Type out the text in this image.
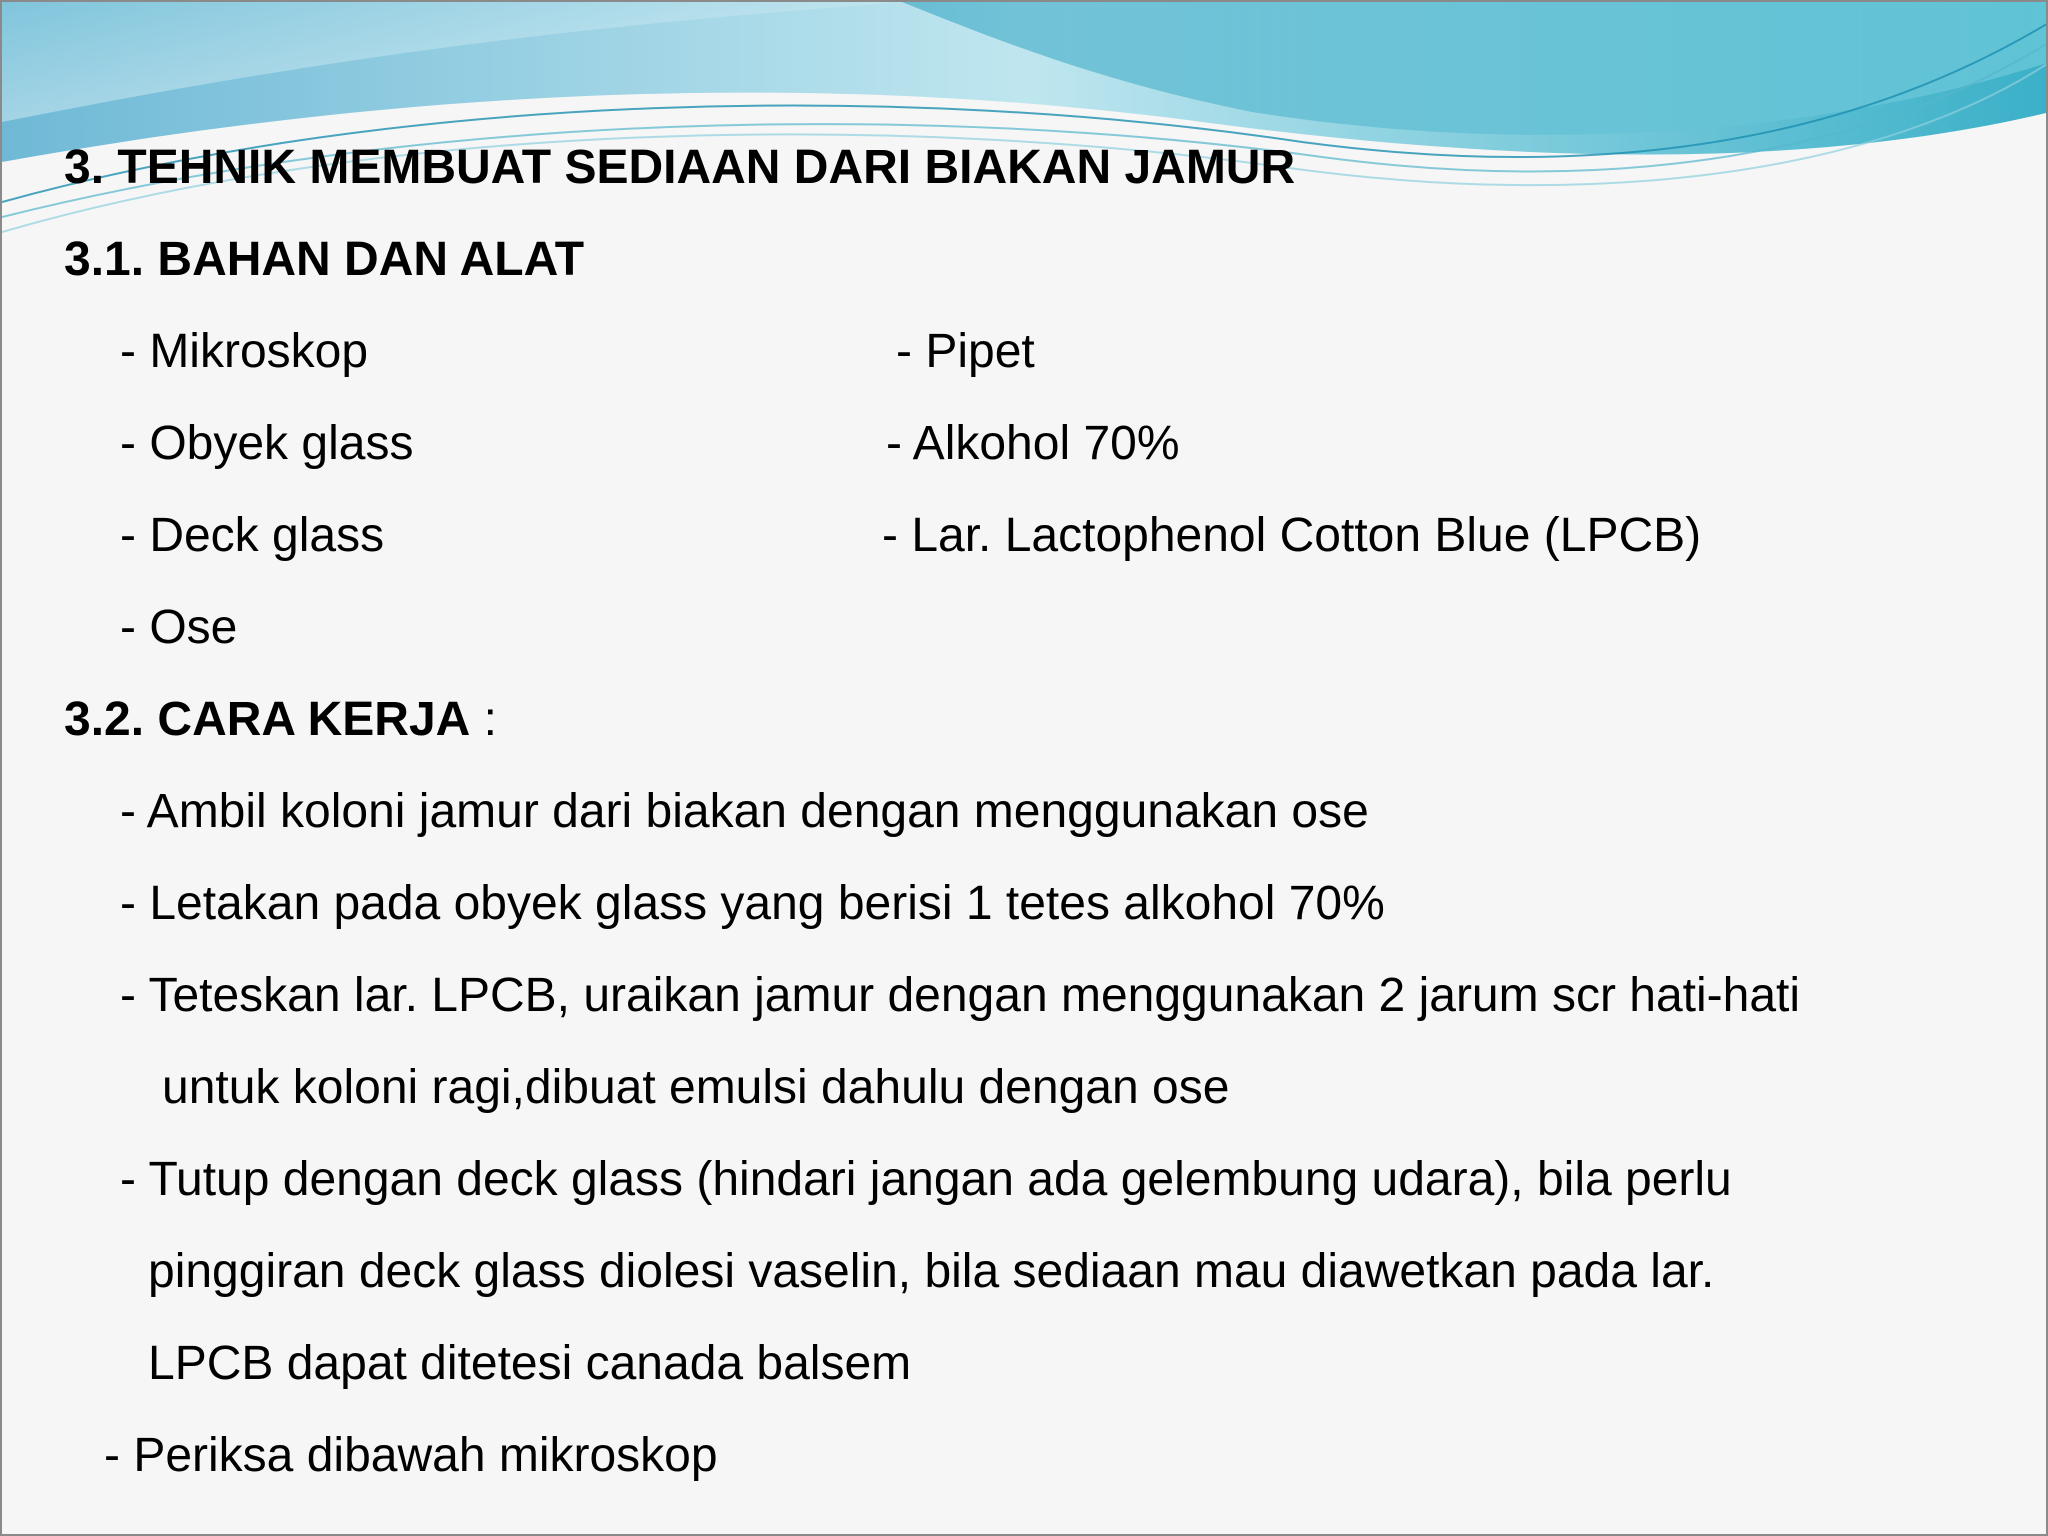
3. TEHNIK MEMBUAT SEDIAAN DARI BIAKAN JAMUR
3.1. BAHAN DAN ALAT
- Mikroskop
- Obyek glass
- Deck glass
- Ose
- Pipet
- Alkohol 70%
- Lar. Lactophenol Cotton Blue (LPCB)
3.2. CARA KERJA :
- Ambil koloni jamur dari biakan dengan menggunakan ose
- Letakan pada obyek glass yang berisi 1 tetes alkohol 70%
- Teteskan lar. LPCB, uraikan jamur dengan menggunakan 2 jarum scr hati-hati
untuk koloni ragi,dibuat emulsi dahulu dengan ose
- Tutup dengan deck glass (hindari jangan ada gelembung udara), bila perlu
pinggiran deck glass diolesi vaselin, bila sediaan mau diawetkan pada lar.
LPCB dapat ditetesi canada balsem
- Periksa dibawah mikroskop
